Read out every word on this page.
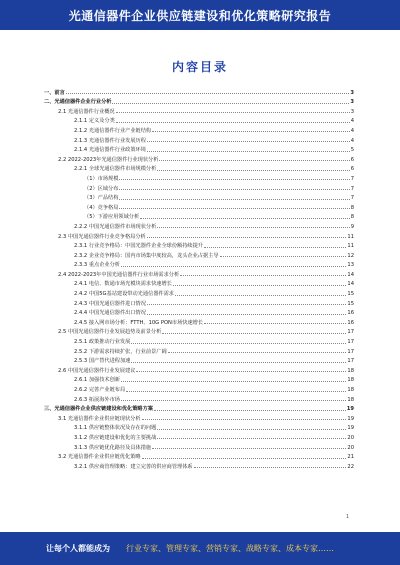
光通信器件企业供应链建设和优化策略研究报告
内容目录
一、前言	3
二、光通信器件企业行业分析	3
2.1 光通信器件行业概况	3
2.1.1 定义及分类	4
2.1.2 光通信器件行业产业链结构	4
2.1.3 光通信器件行业发展历程	4
2.1.4 光通信器件行业政策环境	5
2.2 2022-2023年光通信器件行业现状分析	6
2.2.1 全球光通信器件市场规模分析	6
（1）市场规模	7
（2）区域分布	7
（3）产品结构	7
（4）竞争格局	8
（5）下游应用领域分析	8
2.2.2 中国光通信器件市场现状分析	9
2.3 中国光通信器件行业竞争格局分析	11
2.3.1 行业竞争格局：中国光器件企业全球份额持续提升	11
2.3.2 企业竞争格局：国内市场集中度较高，龙头企业占据主导	12
2.3.3 重点企业分析	13
2.4 2022-2023年中国光通信器件行业市场需求分析	14
2.4.1 电信、数通市场光模块需求快速增长	14
2.4.2 中国5G基站建设带动光通信器件需求	15
2.4.3 中国光通信器件进口情况	15
2.4.4 中国光通信器件出口情况	16
2.4.5 接入网市场分析：FTTH、10G PON市场快速增长	16
2.5 中国光通信器件行业发展趋势及前景分析	17
2.5.1 政策推动行业发展	17
2.5.2 下游需求持续扩张，行业前景广阔	17
2.5.3 国产替代进程加速	17
2.6 中国光通信器件行业发展建议	18
2.6.1 加强技术创新	18
2.6.2 完善产业链布局	18
2.6.3 拓展海外市场	18
三、光通信器件企业供应链建设和优化策略方案	19
3.1 光通信器件企业供应链现状分析	19
3.1.1 供应链整体状况及存在的问题	19
3.1.2 供应链建设和优化的主要挑战	20
3.1.3 供应链优化路径及具体措施	20
3.2 光通信器件企业供应链优化策略	21
3.2.1 供应商管理策略：建立完善的供应商管理体系	22
1
让每个人都能成为	行业专家、管理专家、营销专家、战略专家、成本专家……
